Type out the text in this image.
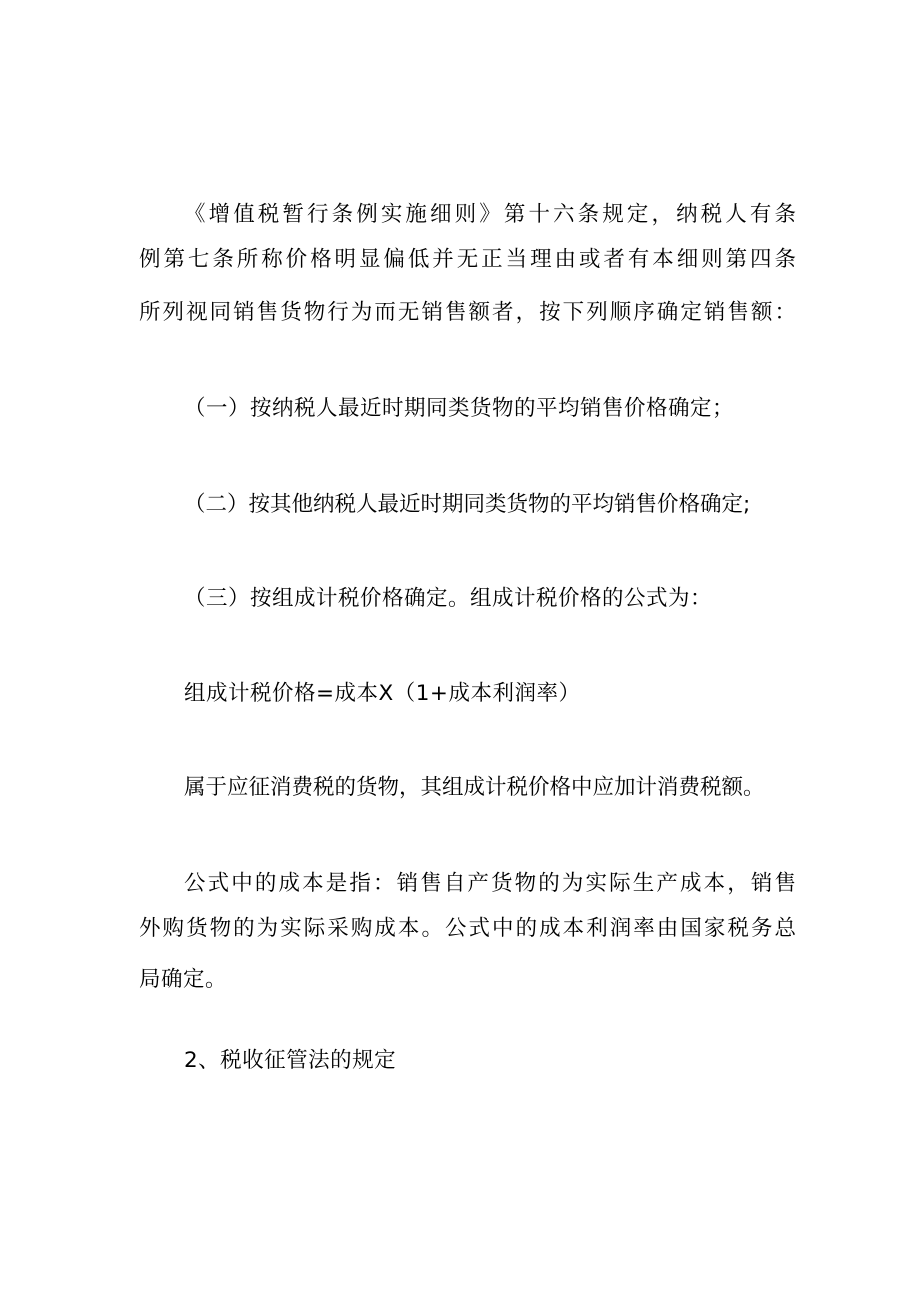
《增值税暂行条例实施细则》第十六条规定，纳税人有条
例第七条所称价格明显偏低并无正当理由或者有本细则第四条
所列视同销售货物行为而无销售额者，按下列顺序确定销售额：
（一）按纳税人最近时期同类货物的平均销售价格确定；
（二）按其他纳税人最近时期同类货物的平均销售价格确定;
（三）按组成计税价格确定。组成计税价格的公式为：
组成计税价格=成本X（1+成本利润率）
属于应征消费税的货物，其组成计税价格中应加计消费税额。
公式中的成本是指：销售自产货物的为实际生产成本，销售
外购货物的为实际采购成本。公式中的成本利润率由国家税务总
局确定。
2、税收征管法的规定
